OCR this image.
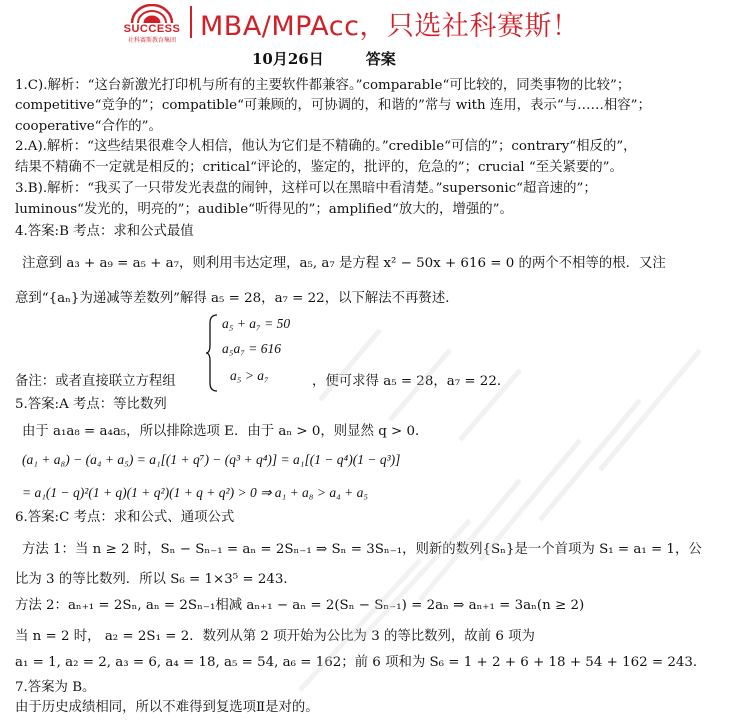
SUCCESS
社科赛斯教育集团 MBA/MPAcc，只选社科赛斯！
10月26日	答案
1.C).解析：“这台新激光打印机与所有的主要软件都兼容。”comparable“可比较的，同类事物的比较”；
competitive“竞争的”；compatible“可兼顾的，可协调的，和谐的”常与 with 连用，表示“与……相容”；
cooperative“合作的”。
2.A).解析：“这些结果很难令人相信，他认为它们是不精确的。”credible“可信的”；contrary“相反的”，
结果不精确不一定就是相反的；critical“评论的，鉴定的，批评的，危急的”；crucial “至关紧要的”。
3.B).解析：“我买了一只带发光表盘的闹钟，这样可以在黑暗中看清楚。”supersonic“超音速的”；
luminous“发光的，明亮的”；audible“听得见的”；amplified“放大的，增强的”。
4.答案:B 考点：求和公式最值
注意到 a₃ + a₉ = a₅ + a₇，则利用韦达定理，a₅, a₇ 是方程 x² − 50x + 616 = 0 的两个不相等的根．又注
意到“{aₙ}为递减等差数列”解得 a₅ = 28，a₇ = 22，以下解法不再赘述．
a₅ + a₇ = 50
a₅a₇ = 616
备注：或者直接联立方程组	a₅ > a₇	，便可求得 a₅ = 28，a₇ = 22．
5.答案:A 考点：等比数列
由于 a₁a₈ = a₄a₅，所以排除选项 E．由于 aₙ > 0，则显然 q > 0．
(a₁ + a₈) − (a₄ + a₅) = a₁[(1 + q⁷) − (q³ + q⁴)] = a₁[(1 − q⁴)(1 − q³)]
= a₁(1 − q)²(1 + q)(1 + q²)(1 + q + q²) > 0 ⇒ a₁ + a₈ > a₄ + a₅
6.答案:C 考点：求和公式、通项公式
方法 1：当 n ≥ 2 时，Sₙ − Sₙ₋₁ = aₙ = 2Sₙ₋₁ ⇒ Sₙ = 3Sₙ₋₁，则新的数列{Sₙ}是一个首项为 S₁ = a₁ = 1，公
比为 3 的等比数列．所以 S₆ = 1×3⁵ = 243．
方法 2：aₙ₊₁ = 2Sₙ, aₙ = 2Sₙ₋₁相减 aₙ₊₁ − aₙ = 2(Sₙ − Sₙ₋₁) = 2aₙ ⇒ aₙ₊₁ = 3aₙ(n ≥ 2)
当 n = 2 时， a₂ = 2S₁ = 2．数列从第 2 项开始为公比为 3 的等比数列，故前 6 项为
a₁ = 1, a₂ = 2, a₃ = 6, a₄ = 18, a₅ = 54, a₆ = 162；前 6 项和为 S₆ = 1 + 2 + 6 + 18 + 54 + 162 = 243．
7.答案为 B。
由于历史成绩相同，所以不难得到复选项Ⅱ是对的。
